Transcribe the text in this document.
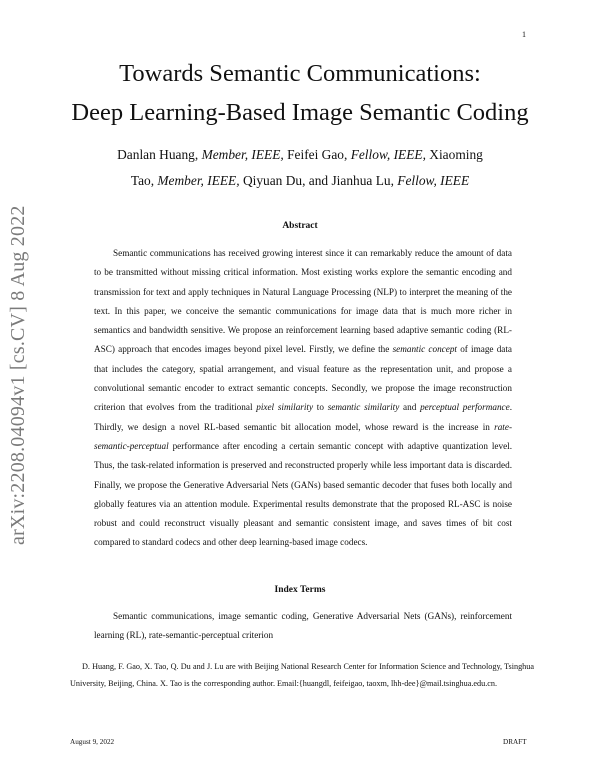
1
arXiv:2208.04094v1 [cs.CV] 8 Aug 2022
Towards Semantic Communications:
Deep Learning-Based Image Semantic Coding
Danlan Huang, Member, IEEE, Feifei Gao, Fellow, IEEE, Xiaoming
Tao, Member, IEEE, Qiyuan Du, and Jianhua Lu, Fellow, IEEE
Abstract
Semantic communications has received growing interest since it can remarkably reduce the amount of data to be transmitted without missing critical information. Most existing works explore the semantic encoding and transmission for text and apply techniques in Natural Language Processing (NLP) to interpret the meaning of the text. In this paper, we conceive the semantic communications for image data that is much more richer in semantics and bandwidth sensitive. We propose an reinforcement learning based adaptive semantic coding (RL-ASC) approach that encodes images beyond pixel level. Firstly, we define the semantic concept of image data that includes the category, spatial arrangement, and visual feature as the representation unit, and propose a convolutional semantic encoder to extract semantic concepts. Secondly, we propose the image reconstruction criterion that evolves from the traditional pixel similarity to semantic similarity and perceptual performance. Thirdly, we design a novel RL-based semantic bit allocation model, whose reward is the increase in rate-semantic-perceptual performance after encoding a certain semantic concept with adaptive quantization level. Thus, the task-related information is preserved and reconstructed properly while less important data is discarded. Finally, we propose the Generative Adversarial Nets (GANs) based semantic decoder that fuses both locally and globally features via an attention module. Experimental results demonstrate that the proposed RL-ASC is noise robust and could reconstruct visually pleasant and semantic consistent image, and saves times of bit cost compared to standard codecs and other deep learning-based image codecs.
Index Terms
Semantic communications, image semantic coding, Generative Adversarial Nets (GANs), reinforcement learning (RL), rate-semantic-perceptual criterion
D. Huang, F. Gao, X. Tao, Q. Du and J. Lu are with Beijing National Research Center for Information Science and Technology, Tsinghua University, Beijing, China. X. Tao is the corresponding author. Email:{huangdl, feifeigao, taoxm, lhh-dee}@mail.tsinghua.edu.cn.
August 9, 2022	DRAFT
